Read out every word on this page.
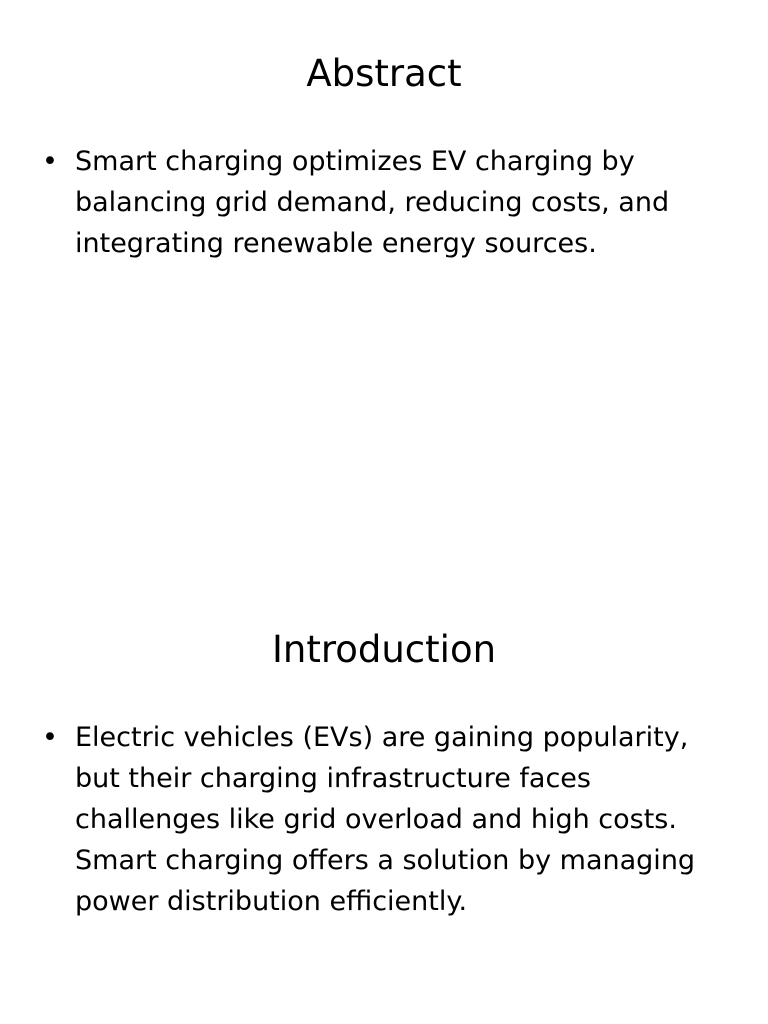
Abstract
• Smart charging optimizes EV charging by balancing grid demand, reducing costs, and integrating renewable energy sources.
Introduction
• Electric vehicles (EVs) are gaining popularity, but their charging infrastructure faces challenges like grid overload and high costs. Smart charging offers a solution by managing power distribution efficiently.
